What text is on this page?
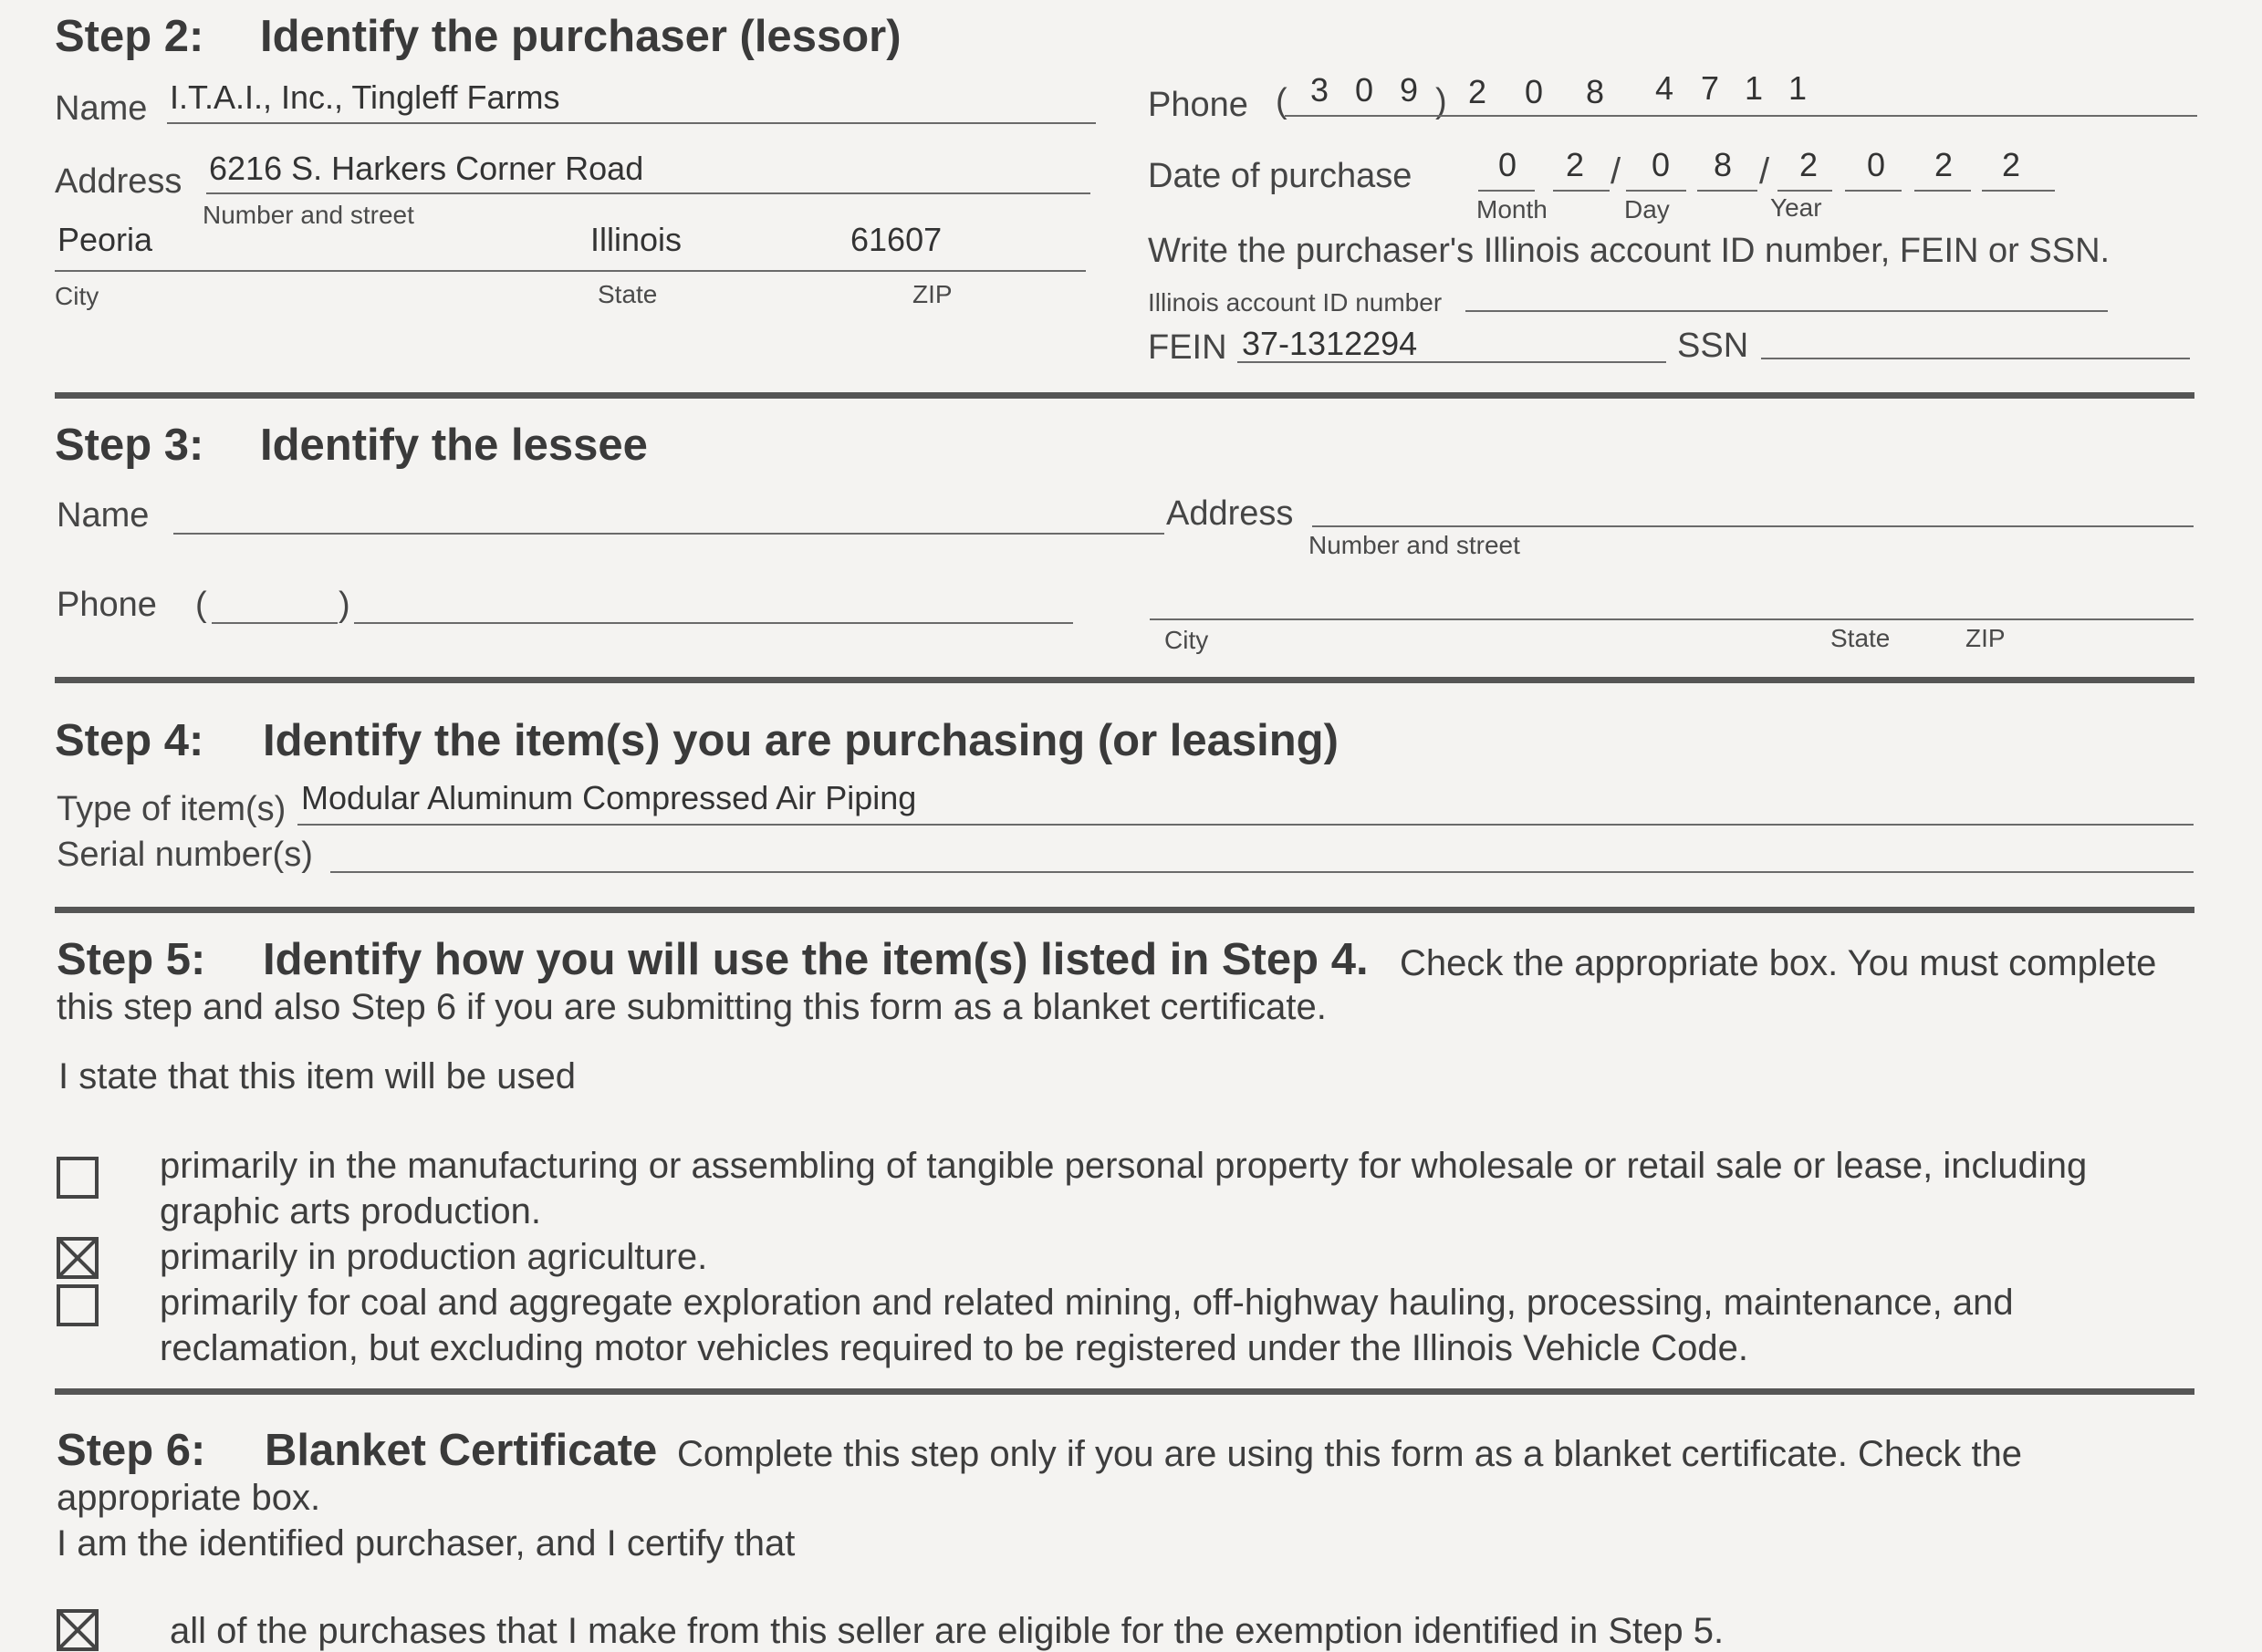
Step 2: Identify the purchaser (lessor)
Name I.T.A.I., Inc., Tingleff Farms
Address 6216 S. Harkers Corner Road
Number and street
Peoria	Illinois	61607
City	State	ZIP
Phone ( 3 0 9 ) 2 0 8 4 7 1 1
Date of purchase	0 2 / 0 8 / 2 0 2 2
Month	Day	Year
Write the purchaser's Illinois account ID number, FEIN or SSN.
Illinois account ID number
FEIN 37-1312294	SSN
Step 3: Identify the lessee
Name	Address
Number and street
Phone (	)
City	State	ZIP
Step 4: Identify the item(s) you are purchasing (or leasing)
Type of item(s) Modular Aluminum Compressed Air Piping
Serial number(s)
Step 5: Identify how you will use the item(s) listed in Step 4. Check the appropriate box. You must complete
this step and also Step 6 if you are submitting this form as a blanket certificate.
I state that this item will be used
primarily in the manufacturing or assembling of tangible personal property for wholesale or retail sale or lease, including
graphic arts production.
primarily in production agriculture.
primarily for coal and aggregate exploration and related mining, off-highway hauling, processing, maintenance, and
reclamation, but excluding motor vehicles required to be registered under the Illinois Vehicle Code.
Step 6: Blanket Certificate Complete this step only if you are using this form as a blanket certificate. Check the
appropriate box.
I am the identified purchaser, and I certify that
all of the purchases that I make from this seller are eligible for the exemption identified in Step 5.
